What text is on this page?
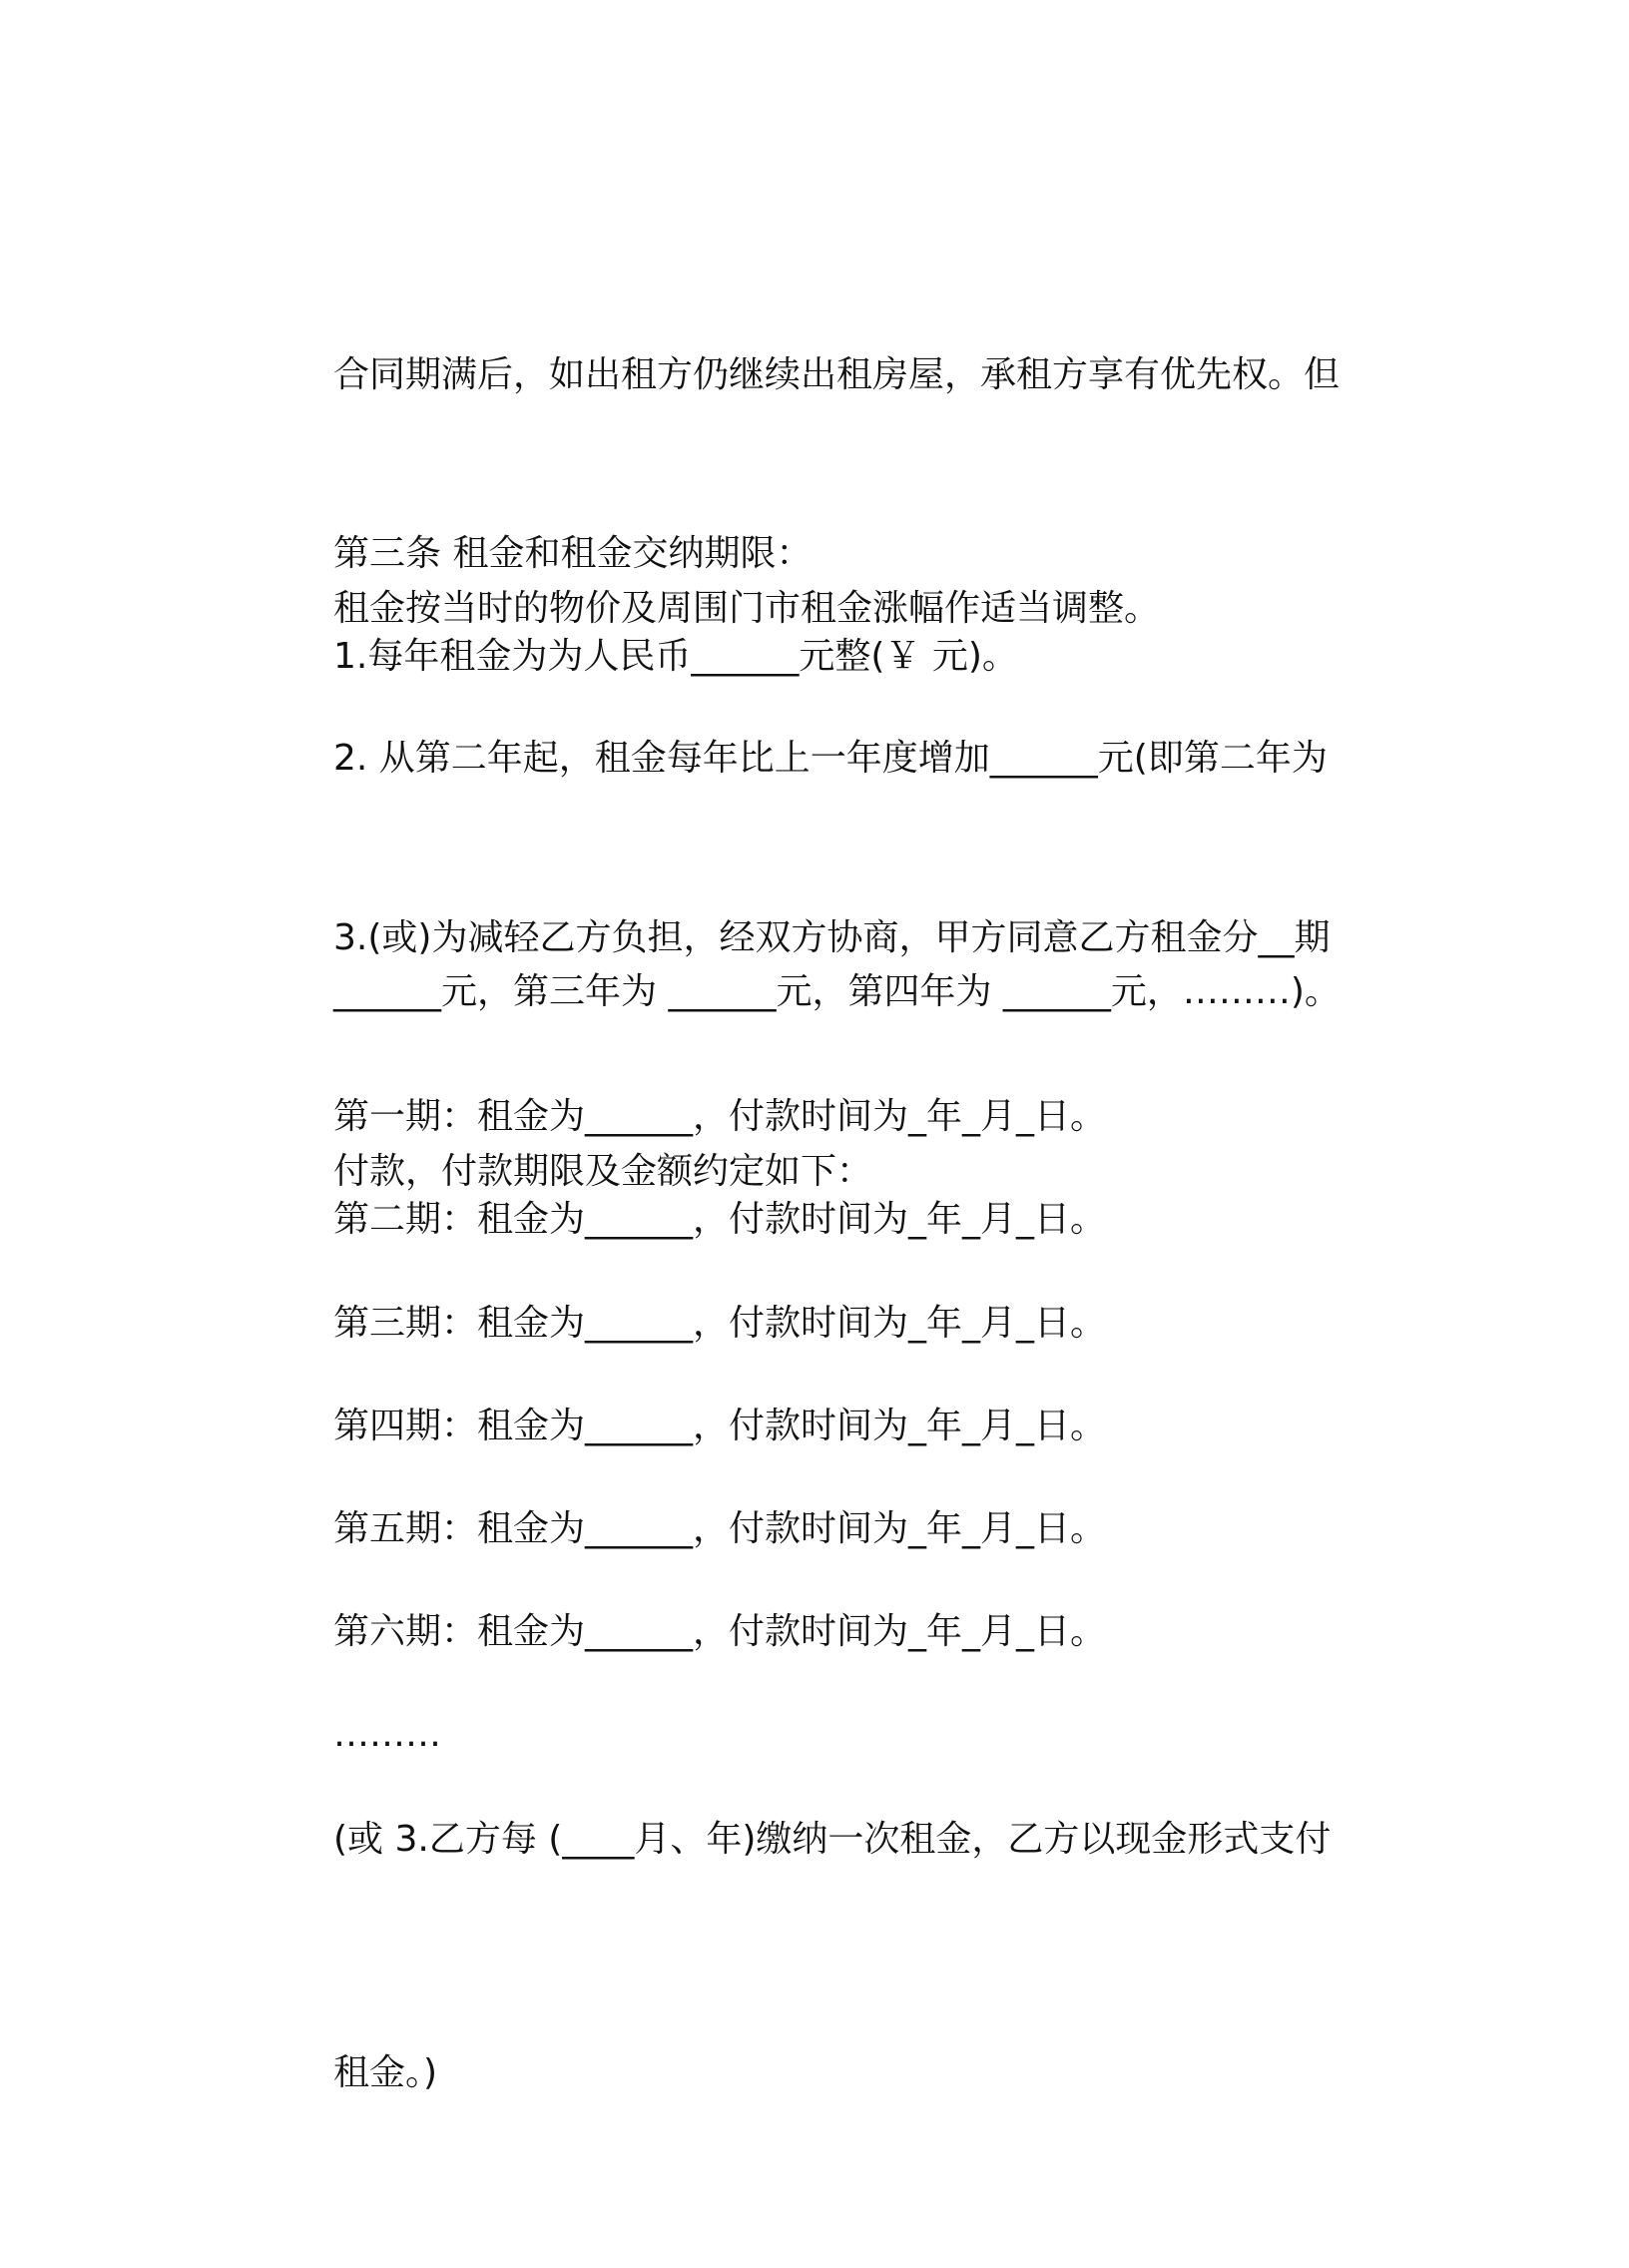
合同期满后，如出租方仍继续出租房屋，承租方享有优先权。但

租金按当时的物价及周围门市租金涨幅作适当调整。

第三条 租金和租金交纳期限：

1.每年租金为为人民币______元整(￥ 元)。

2. 从第二年起，租金每年比上一年度增加______元(即第二年为

______元，第三年为 ______元，第四年为 ______元，………)。

3.(或)为减轻乙方负担，经双方协商，甲方同意乙方租金分__期

付款，付款期限及金额约定如下：

第一期：租金为______，付款时间为_年_月_日。

第二期：租金为______，付款时间为_年_月_日。

第三期：租金为______，付款时间为_年_月_日。

第四期：租金为______，付款时间为_年_月_日。

第五期：租金为______，付款时间为_年_月_日。

第六期：租金为______，付款时间为_年_月_日。

………

(或 3.乙方每 (____月、年)缴纳一次租金，乙方以现金形式支付

租金。)
